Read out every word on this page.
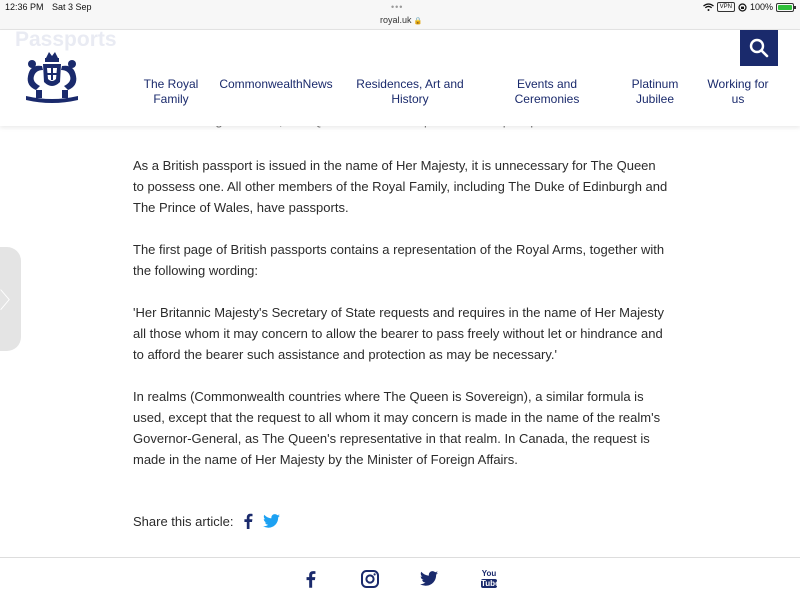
12:36 PM Sat 3 Sep	•••
royal.uk 🔒
VPN	100%
Passports
The Royal Family
CommonwealthNews	Residences, Art and History
Events and Ceremonies
Platinum Jubilee
Working for us

As a British passport is issued in the name of Her Majesty, it is unnecessary for The Queen to possess one. All other members of the Royal Family, including The Duke of Edinburgh and The Prince of Wales, have passports.

The first page of British passports contains a representation of the Royal Arms, together with the following wording:

'Her Britannic Majesty's Secretary of State requests and requires in the name of Her Majesty all those whom it may concern to allow the bearer to pass freely without let or hindrance and to afford the bearer such assistance and protection as may be necessary.'

In realms (Commonwealth countries where The Queen is Sovereign), a similar formula is used, except that the request to all whom it may concern is made in the name of the realm's Governor-General, as The Queen's representative in that realm. In Canada, the request is made in the name of Her Majesty by the Minister of Foreign Affairs.

Share this article:
〉
You
Tube
